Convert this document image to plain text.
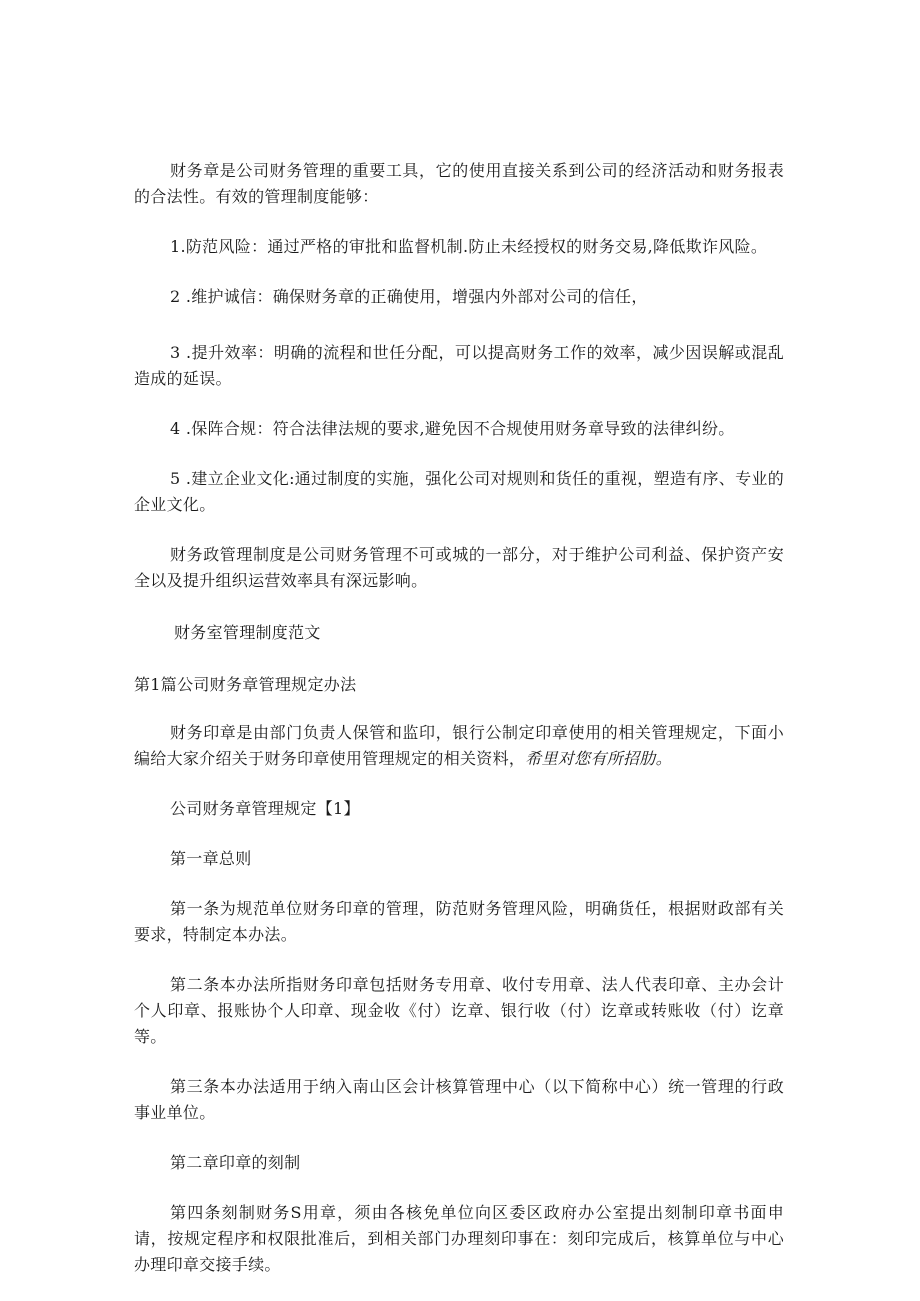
财务章是公司财务管理的重要工具，它的使用直接关系到公司的经济活动和财务报表的合法性。有效的管理制度能够：

1.防范风险：通过严格的审批和监督机制.防止未经授权的财务交易,降低欺诈风险。

2 .维护诚信：确保财务章的正确使用，增强内外部对公司的信任，

3 .提升效率：明确的流程和世任分配，可以提高财务工作的效率，减少因误解或混乱造成的延误。

4 .保阵合规：符合法律法规的要求,避免因不合规使用财务章导致的法律纠纷。

5 .建立企业文化:通过制度的实施，强化公司对规则和货任的重视，塑造有序、专业的企业文化。

财务政管理制度是公司财务管理不可或城的一部分，对于维护公司利益、保护资产安全以及提升组织运营效率具有深远影响。

财务室管理制度范文

第1篇公司财务章管理规定办法

财务印章是由部门负责人保管和监印，银行公制定印章使用的相关管理规定，下面小编给大家介绍关于财务印章使用管理规定的相关资料，希里对您有所招肋。

公司财务章管理规定【1】

第一章总则

第一条为规范单位财务印章的管理，防范财务管理风险，明确货任，根据财政部有关要求，特制定本办法。

第二条本办法所指财务印章包括财务专用章、收付专用章、法人代表印章、主办会计个人印章、报账协个人印章、现金收《付）讫章、银行收（付）讫章或转账收（付）讫章等。

第三条本办法适用于纳入南山区会计核算管理中心（以下简称中心）统一管理的行政事业单位。

第二章印章的刻制

第四条刻制财务S用章，须由各核免单位向区委区政府办公室提出刻制印章书面申请，按规定程序和权限批准后，到相关部门办理刻印事在：刻印完成后，核算单位与中心办理印章交接手续。
